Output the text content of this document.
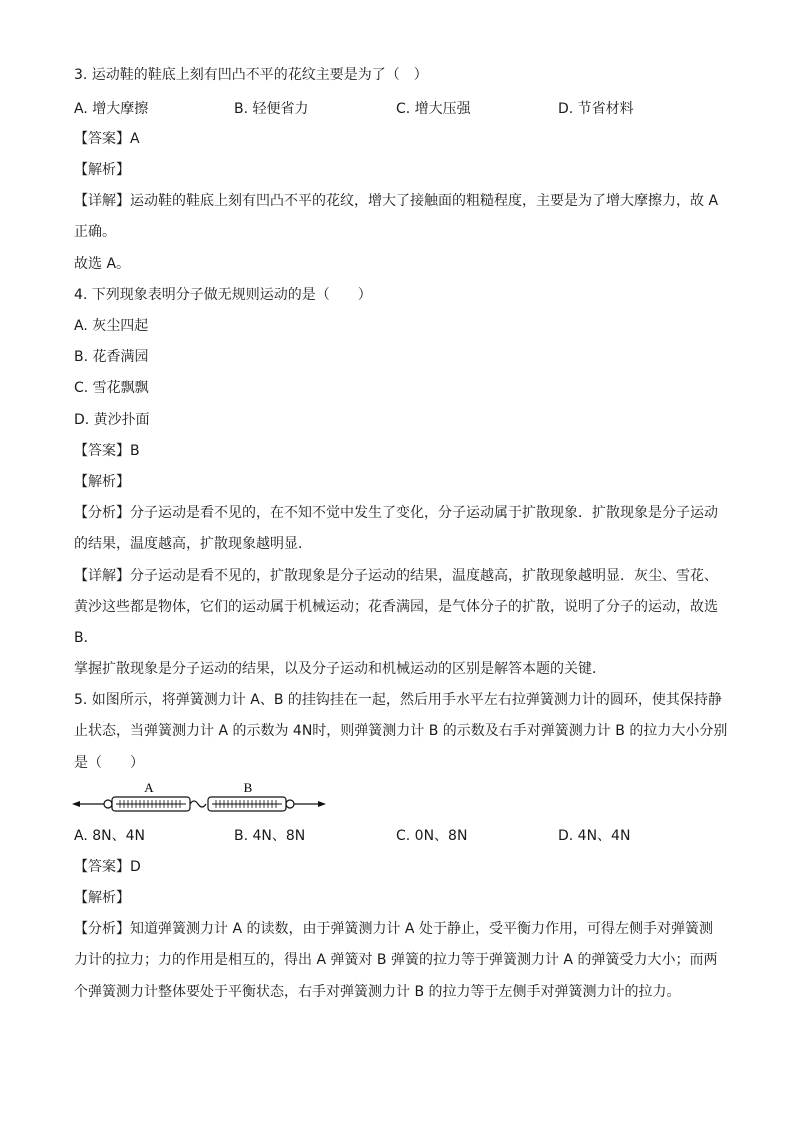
3. 运动鞋的鞋底上刻有凹凸不平的花纹主要是为了（　）
A. 增大摩擦	B. 轻便省力	C. 增大压强	D. 节省材料
【答案】A
【解析】
【详解】运动鞋的鞋底上刻有凹凸不平的花纹，增大了接触面的粗糙程度，主要是为了增大摩擦力，故 A
正确。
故选 A。
4. 下列现象表明分子做无规则运动的是（　　）
A. 灰尘四起
B. 花香满园
C. 雪花飘飘
D. 黄沙扑面
【答案】B
【解析】
【分析】分子运动是看不见的，在不知不觉中发生了变化，分子运动属于扩散现象．扩散现象是分子运动
的结果，温度越高，扩散现象越明显．
【详解】分子运动是看不见的，扩散现象是分子运动的结果，温度越高，扩散现象越明显．灰尘、雪花、
黄沙这些都是物体，它们的运动属于机械运动；花香满园，是气体分子的扩散，说明了分子的运动，故选
B．
掌握扩散现象是分子运动的结果，以及分子运动和机械运动的区别是解答本题的关键．
5. 如图所示，将弹簧测力计 A、B 的挂钩挂在一起，然后用手水平左右拉弹簧测力计的圆环，使其保持静
止状态，当弹簧测力计 A 的示数为 4N时，则弹簧测力计 B 的示数及右手对弹簧测力计 B 的拉力大小分别
是（　　）
A	B
A. 8N、4N	B. 4N、8N	C. 0N、8N	D. 4N、4N
【答案】D
【解析】
【分析】知道弹簧测力计 A 的读数，由于弹簧测力计 A 处于静止，受平衡力作用，可得左侧手对弹簧测
力计的拉力；力的作用是相互的，得出 A 弹簧对 B 弹簧的拉力等于弹簧测力计 A 的弹簧受力大小；而两
个弹簧测力计整体要处于平衡状态，右手对弹簧测力计 B 的拉力等于左侧手对弹簧测力计的拉力。
